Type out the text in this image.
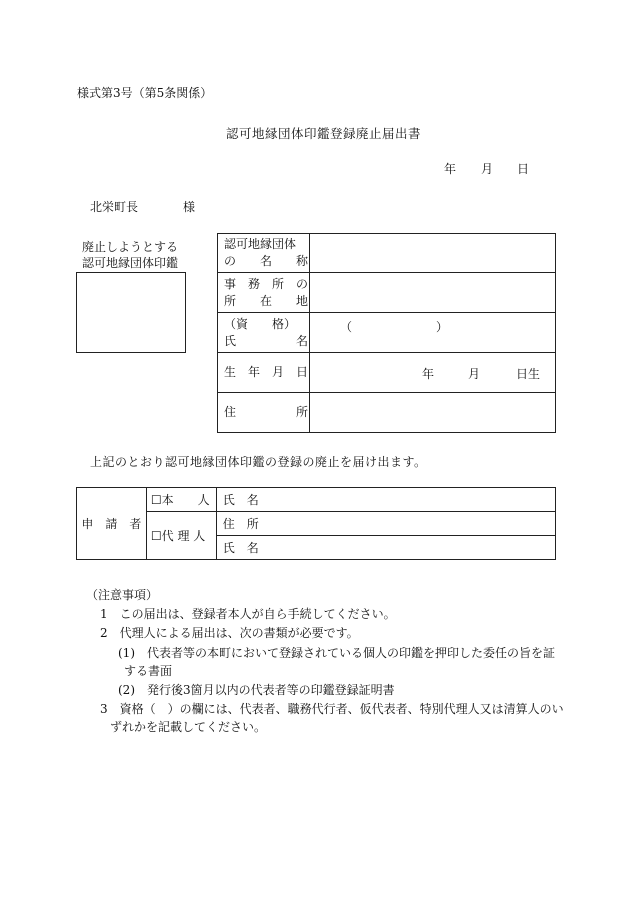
様式第3号（第5条関係）
認可地縁団体印鑑登録廃止届出書
年 月 日
北栄町長	様
廃止しようとする
認可地縁団体印鑑
認可地縁団体
の　　名　　称	

事　務　所　の
所　　在　　地	

（資　　格）
氏　　　　　名	（　　　　　　　）

生　年　月　日	年 月 日生

住　　　　　所	

上記のとおり認可地縁団体印鑑の登録の廃止を届け出ます。
申　請　者	☐本　　人	氏　名
	☐代 理 人	住　所
		氏　名
（注意事項）
1　この届出は、登録者本人が自ら手続してください。
2　代理人による届出は、次の書類が必要です。
(1)　代表者等の本町において登録されている個人の印鑑を押印した委任の旨を証
する書面
(2)　発行後3箇月以内の代表者等の印鑑登録証明書
3　資格（　）の欄には、代表者、職務代行者、仮代表者、特別代理人又は清算人のい
ずれかを記載してください。
